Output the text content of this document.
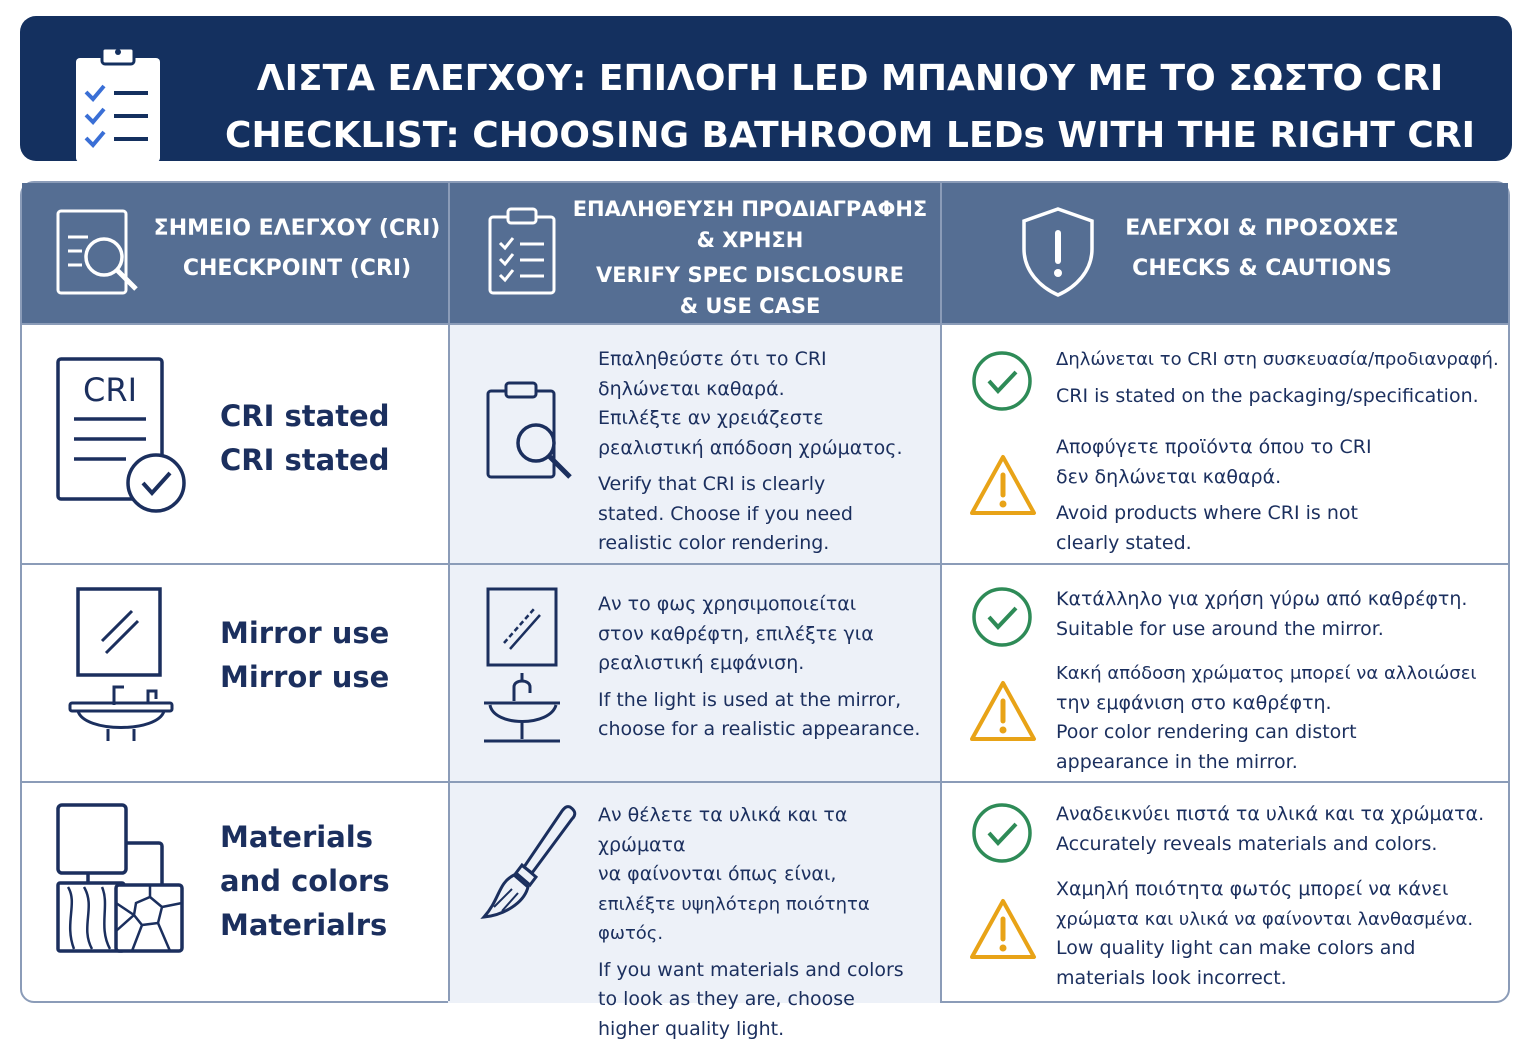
ΛΙΣΤΑ ΕΛΕΓΧΟΥ: ΕΠΙΛΟΓΗ LED ΜΠΑΝΙΟΥ ΜΕ ΤΟ ΣΩΣΤΟ CRI
CHECKLIST: CHOOSING BATHROOM LEDs WITH THE RIGHT CRI
ΣΗΜΕΙΟ ΕΛΕΓΧΟΥ (CRI)
CHECKPOINT (CRI)
ΕΠΑΛΗΘΕΥΣΗ ΠΡΟΔΙΑΓΡΑΦΗΣ
& ΧΡΗΣΗ
VERIFY SPEC DISCLOSURE
& USE CASE
ΕΛΕΓΧΟΙ & ΠΡΟΣΟΧΕΣ
CHECKS & CAUTIONS
CRI
CRI stated
CRI stated

Επαληθεύστε ότι το CRI

δηλώνεται καθαρά.

Επιλέξτε αν χρειάζεστε

ρεαλιστική απόδοση χρώματος.

Verify that CRI is clearly

stated. Choose if you need

realistic color rendering.

Δηλώνεται το CRI στη συσκευασία/προδιανραφή.

CRI is stated on the packaging/specification.

Αποφύγετε προϊόντα όπου το CRI

δεν δηλώνεται καθαρά.

Avoid products where CRI is not

clearly stated.

Mirror use
Mirror use

Αν το φως χρησιμοποιείται

στον καθρέφτη, επιλέξτε για

ρεαλιστική εμφάνιση.

If the light is used at the mirror,

choose for a realistic appearance.

Κατάλληλο για χρήση γύρω από καθρέφτη.

Suitable for use around the mirror.

Κακή απόδοση χρώματος μπορεί να αλλοιώσει

την εμφάνιση στο καθρέφτη.

Poor color rendering can distort

appearance in the mirror.

Materials
and colors
Materialrs

Αν θέλετε τα υλικά και τα χρώματα

να φαίνονται όπως είναι,

επιλέξτε υψηλότερη ποιότητα φωτός.

If you want materials and colors

to look as they are, choose

higher quality light.

Αναδεικνύει πιστά τα υλικά και τα χρώματα.

Accurately reveals materials and colors.

Χαμηλή ποιότητα φωτός μπορεί να κάνει

χρώματα και υλικά να φαίνονται λανθασμένα.

Low quality light can make colors and

materials look incorrect.
